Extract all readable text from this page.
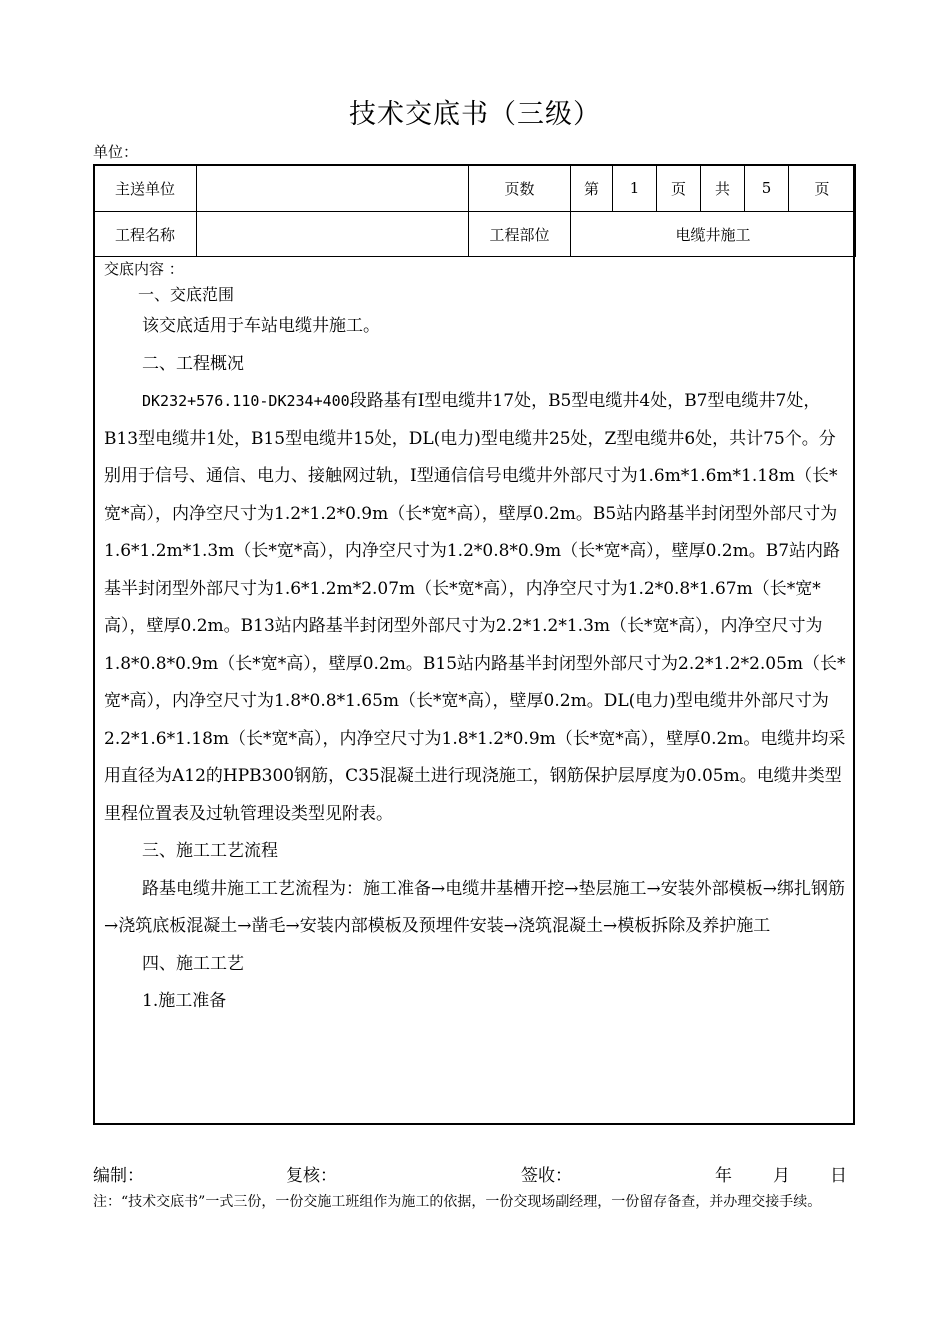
技术交底书（三级）
单位：
主送单位		页数	第	1	页	共	5	页
工程名称		工程部位	电缆井施工					
交底内容 ：
一、交底范围

该交底适用于车站电缆井施工。

二、工程概况

DK232+576.110-DK234+400段路基有Ⅰ型电缆井17处，B5型电缆井4处，B7型电缆井7处，B13型电缆井1处，B15型电缆井15处，DL(电力)型电缆井25处，Z型电缆井6处，共计75个。分别用于信号、通信、电力、接触网过轨，Ⅰ型通信信号电缆井外部尺寸为1.6m*1.6m*1.18m（长*宽*高），内净空尺寸为1.2*1.2*0.9m（长*宽*高），壁厚0.2m。B5站内路基半封闭型外部尺寸为1.6*1.2m*1.3m（长*宽*高），内净空尺寸为1.2*0.8*0.9m（长*宽*高），壁厚0.2m。B7站内路基半封闭型外部尺寸为1.6*1.2m*2.07m（长*宽*高），内净空尺寸为1.2*0.8*1.67m（长*宽*高），壁厚0.2m。B13站内路基半封闭型外部尺寸为2.2*1.2*1.3m（长*宽*高），内净空尺寸为1.8*0.8*0.9m（长*宽*高），壁厚0.2m。B15站内路基半封闭型外部尺寸为2.2*1.2*2.05m（长*宽*高），内净空尺寸为1.8*0.8*1.65m（长*宽*高），壁厚0.2m。DL(电力)型电缆井外部尺寸为2.2*1.6*1.18m（长*宽*高），内净空尺寸为1.8*1.2*0.9m（长*宽*高），壁厚0.2m。电缆井均采用直径为A12的HPB300钢筋，C35混凝土进行现浇施工，钢筋保护层厚度为0.05m。电缆井类型里程位置表及过轨管理设类型见附表。

三、施工工艺流程

路基电缆井施工工艺流程为：施工准备→电缆井基槽开挖→垫层施工→安装外部模板→绑扎钢筋→浇筑底板混凝土→凿毛→安装内部模板及预埋件安装→浇筑混凝土→模板拆除及养护施工

四、施工工艺
1.施工准备
编制：	复核：	签收：	年 月 日
注：“技术交底书”一式三份，一份交施工班组作为施工的依据，一份交现场副经理，一份留存备查，并办理交接手续。
